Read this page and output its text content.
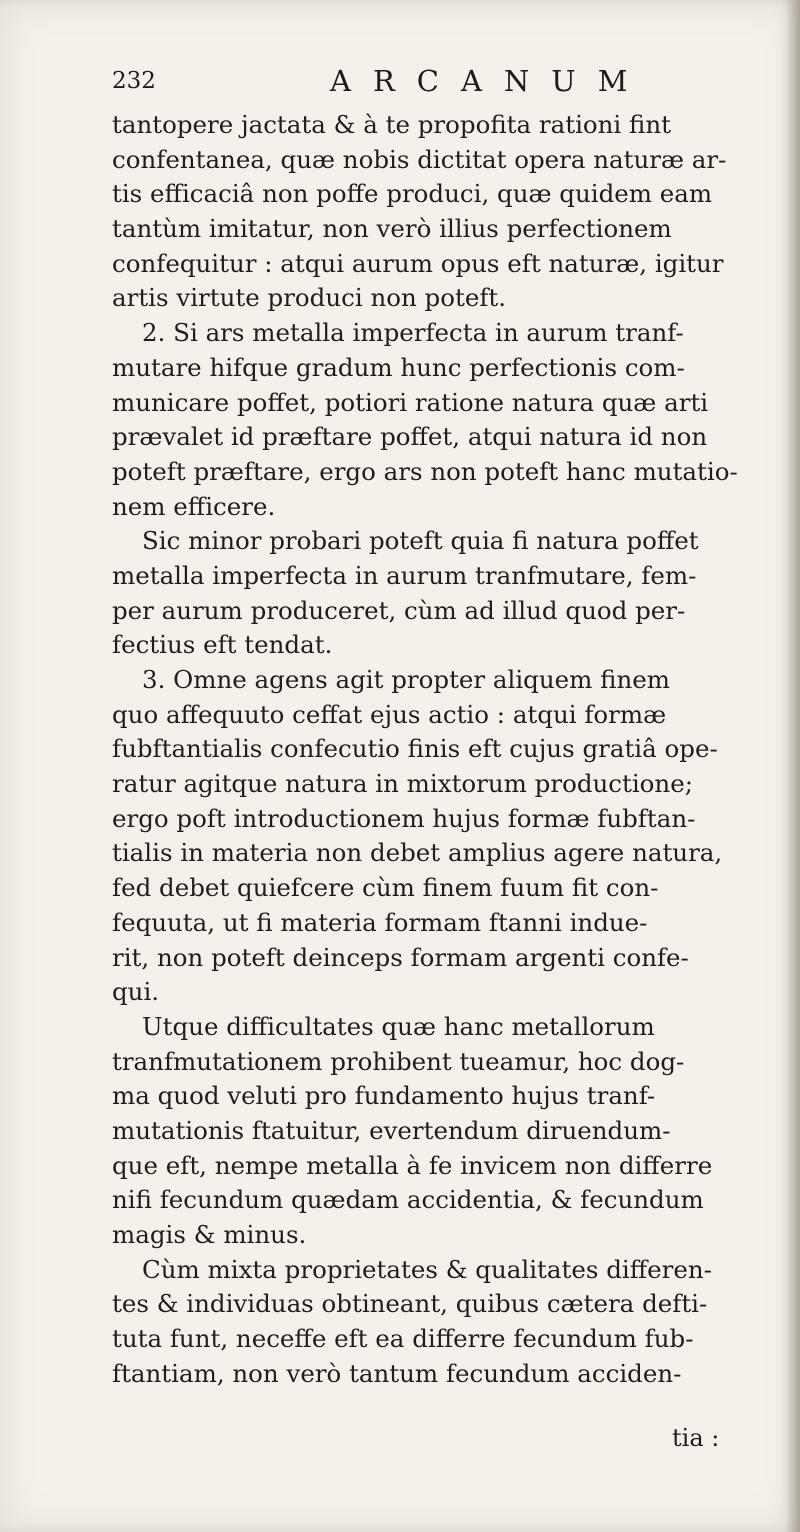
232	ARCANUM
tantopere jactata & à te propofita rationi fint
confentanea, quæ nobis dictitat opera naturæ ar-
tis efficaciâ non poffe produci, quæ quidem eam
tantùm imitatur, non verò illius perfectionem
confequitur : atqui aurum opus eft naturæ, igitur
artis virtute produci non poteft.
2. Si ars metalla imperfecta in aurum tranf-
mutare hifque gradum hunc perfectionis com-
municare poffet, potiori ratione natura quæ arti
prævalet id præftare poffet, atqui natura id non
poteft præftare, ergo ars non poteft hanc mutatio-
nem efficere.
Sic minor probari poteft quia fi natura poffet
metalla imperfecta in aurum tranfmutare, fem-
per aurum produceret, cùm ad illud quod per-
fectius eft tendat.
3. Omne agens agit propter aliquem finem
quo affequuto ceffat ejus actio : atqui formæ
fubftantialis confecutio finis eft cujus gratiâ ope-
ratur agitque natura in mixtorum productione;
ergo poft introductionem hujus formæ fubftan-
tialis in materia non debet amplius agere natura,
fed debet quiefcere cùm finem fuum fit con-
fequuta, ut fi materia formam ftanni indue-
rit, non poteft deinceps formam argenti confe-
qui.
Utque difficultates quæ hanc metallorum
tranfmutationem prohibent tueamur, hoc dog-
ma quod veluti pro fundamento hujus tranf-
mutationis ftatuitur, evertendum diruendum-
que eft, nempe metalla à fe invicem non differre
nifi fecundum quædam accidentia, & fecundum
magis & minus.
Cùm mixta proprietates & qualitates differen-
tes & individuas obtineant, quibus cætera defti-
tuta funt, neceffe eft ea differre fecundum fub-
ftantiam, non verò tantum fecundum acciden-
tia :
